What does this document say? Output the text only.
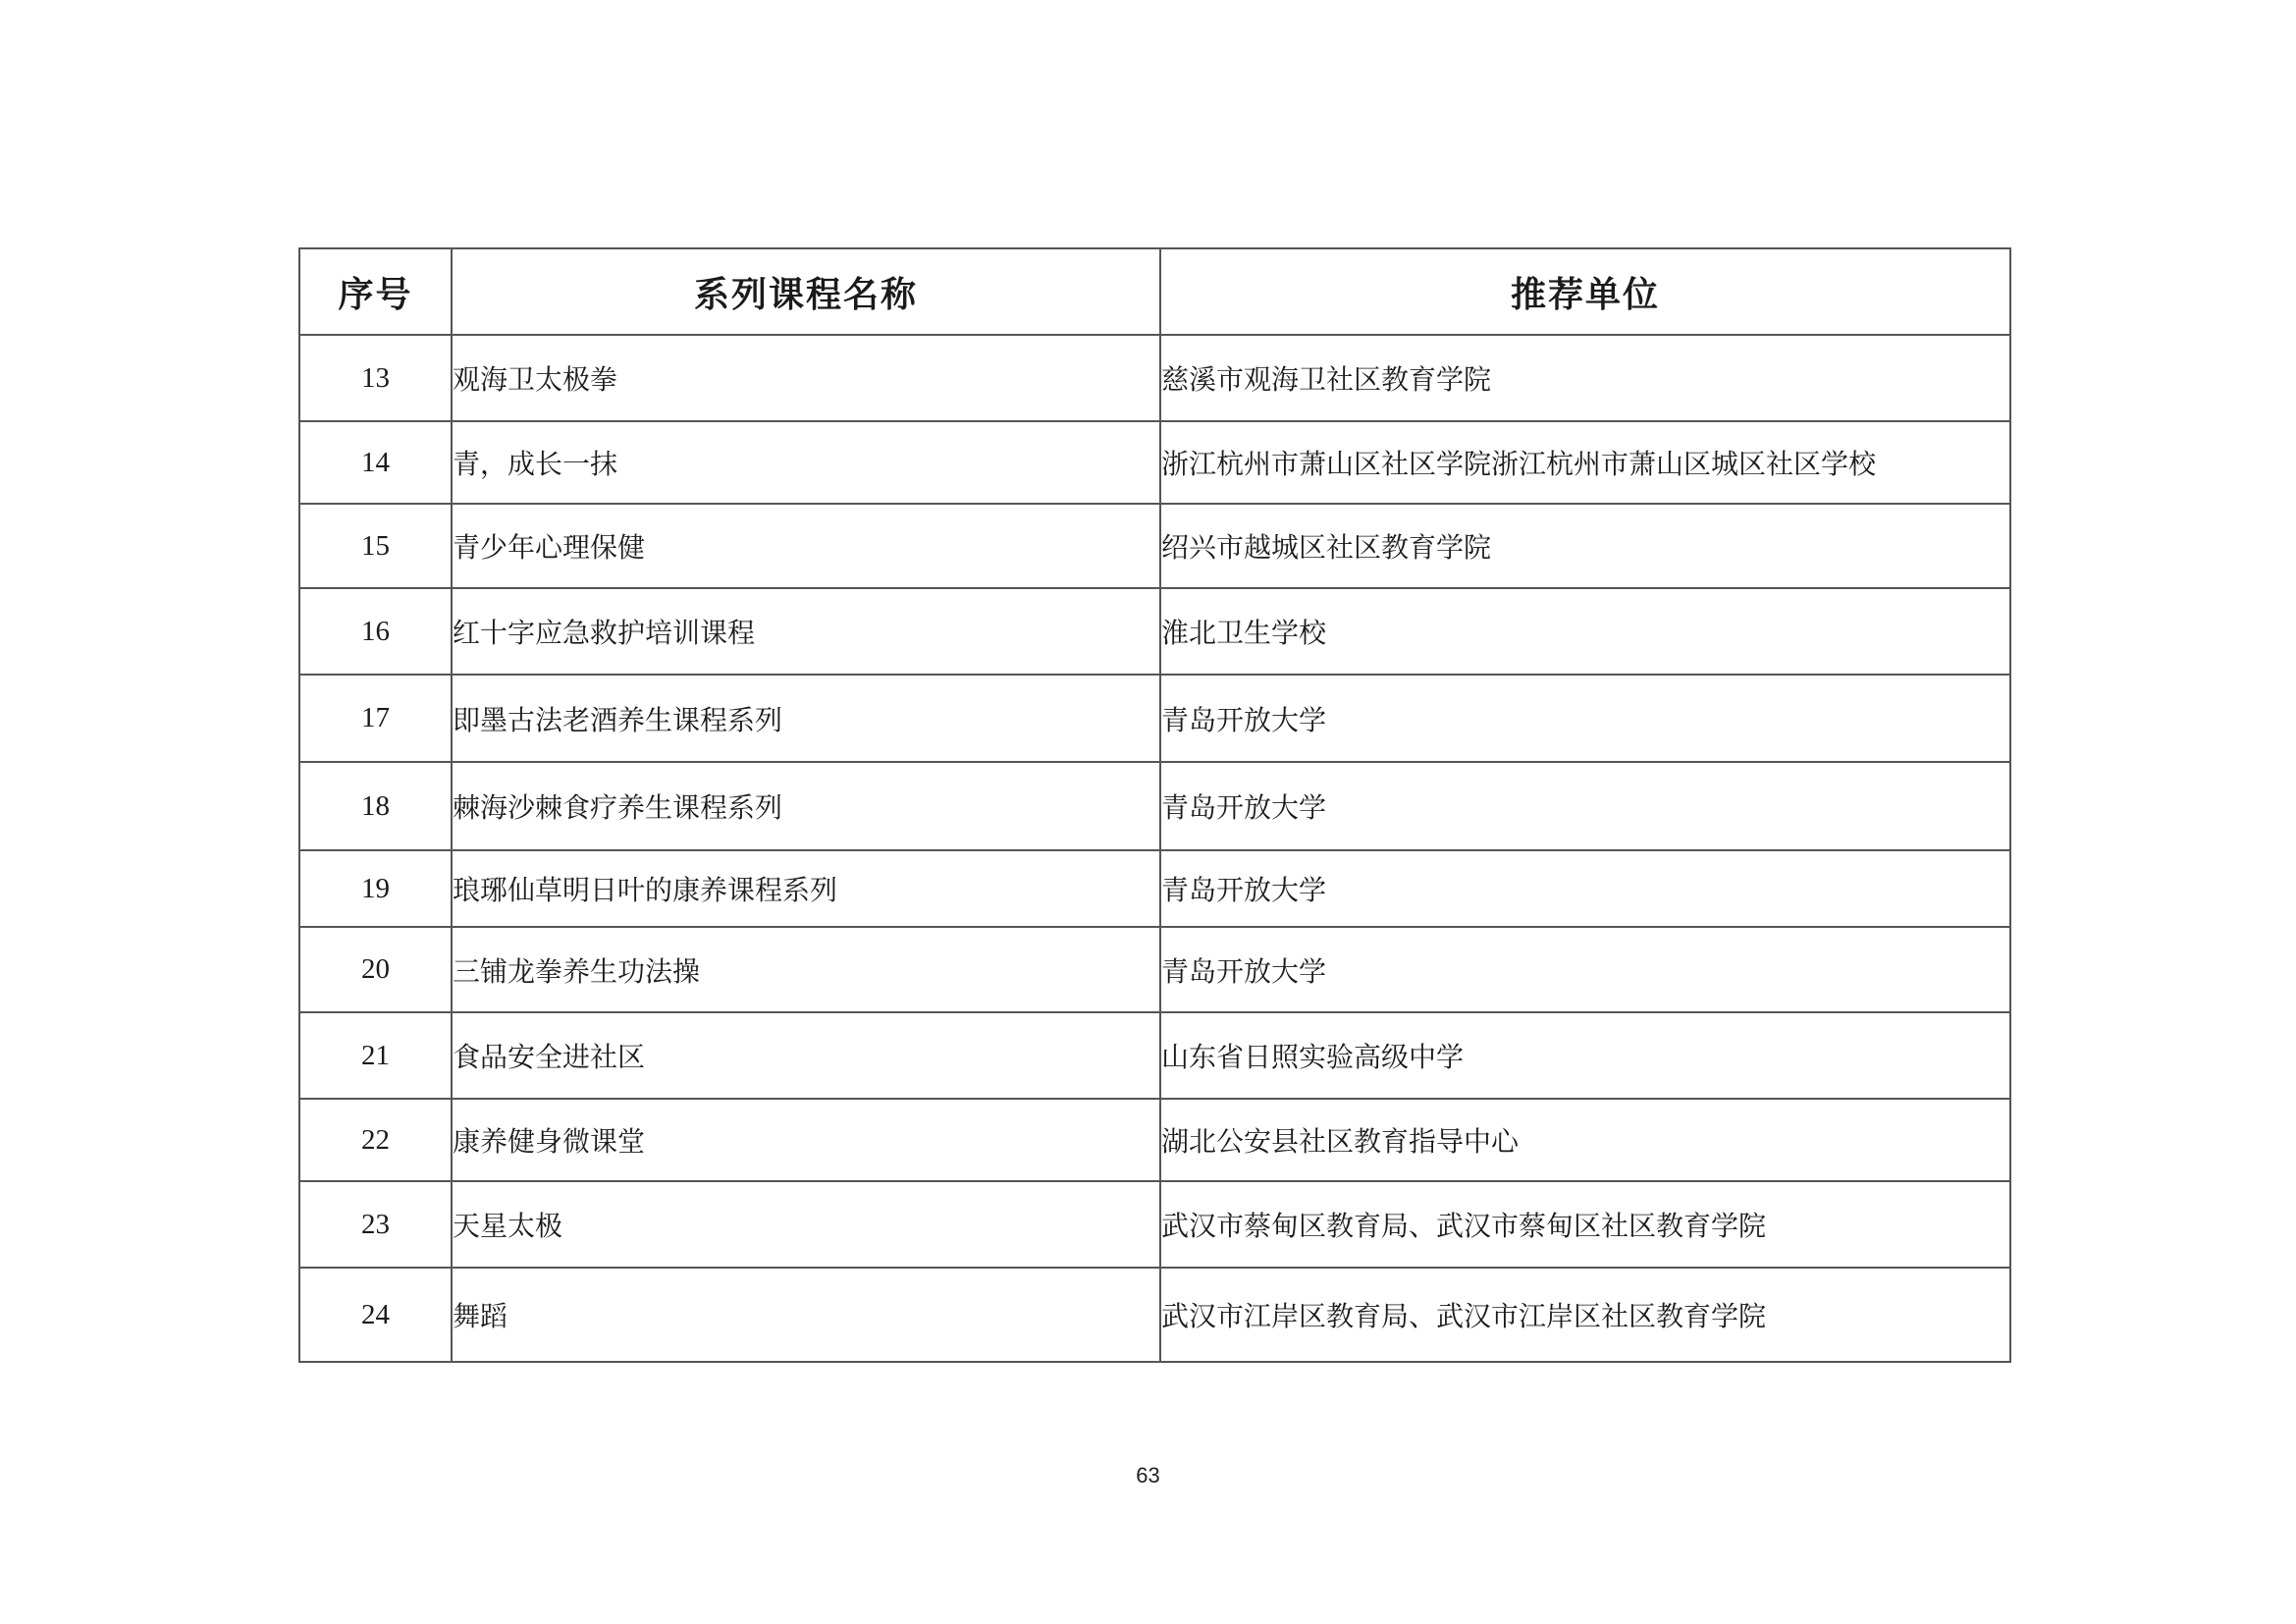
序号	系列课程名称	推荐单位
13	观海卫太极拳	慈溪市观海卫社区教育学院
14	青，成长一抹	浙江杭州市萧山区社区学院浙江杭州市萧山区城区社区学校
15	青少年心理保健	绍兴市越城区社区教育学院
16	红十字应急救护培训课程	淮北卫生学校
17	即墨古法老酒养生课程系列	青岛开放大学
18	棘海沙棘食疗养生课程系列	青岛开放大学
19	琅琊仙草明日叶的康养课程系列	青岛开放大学
20	三铺龙拳养生功法操	青岛开放大学
21	食品安全进社区	山东省日照实验高级中学
22	康养健身微课堂	湖北公安县社区教育指导中心
23	天星太极	武汉市蔡甸区教育局、武汉市蔡甸区社区教育学院
24	舞蹈	武汉市江岸区教育局、武汉市江岸区社区教育学院
63
